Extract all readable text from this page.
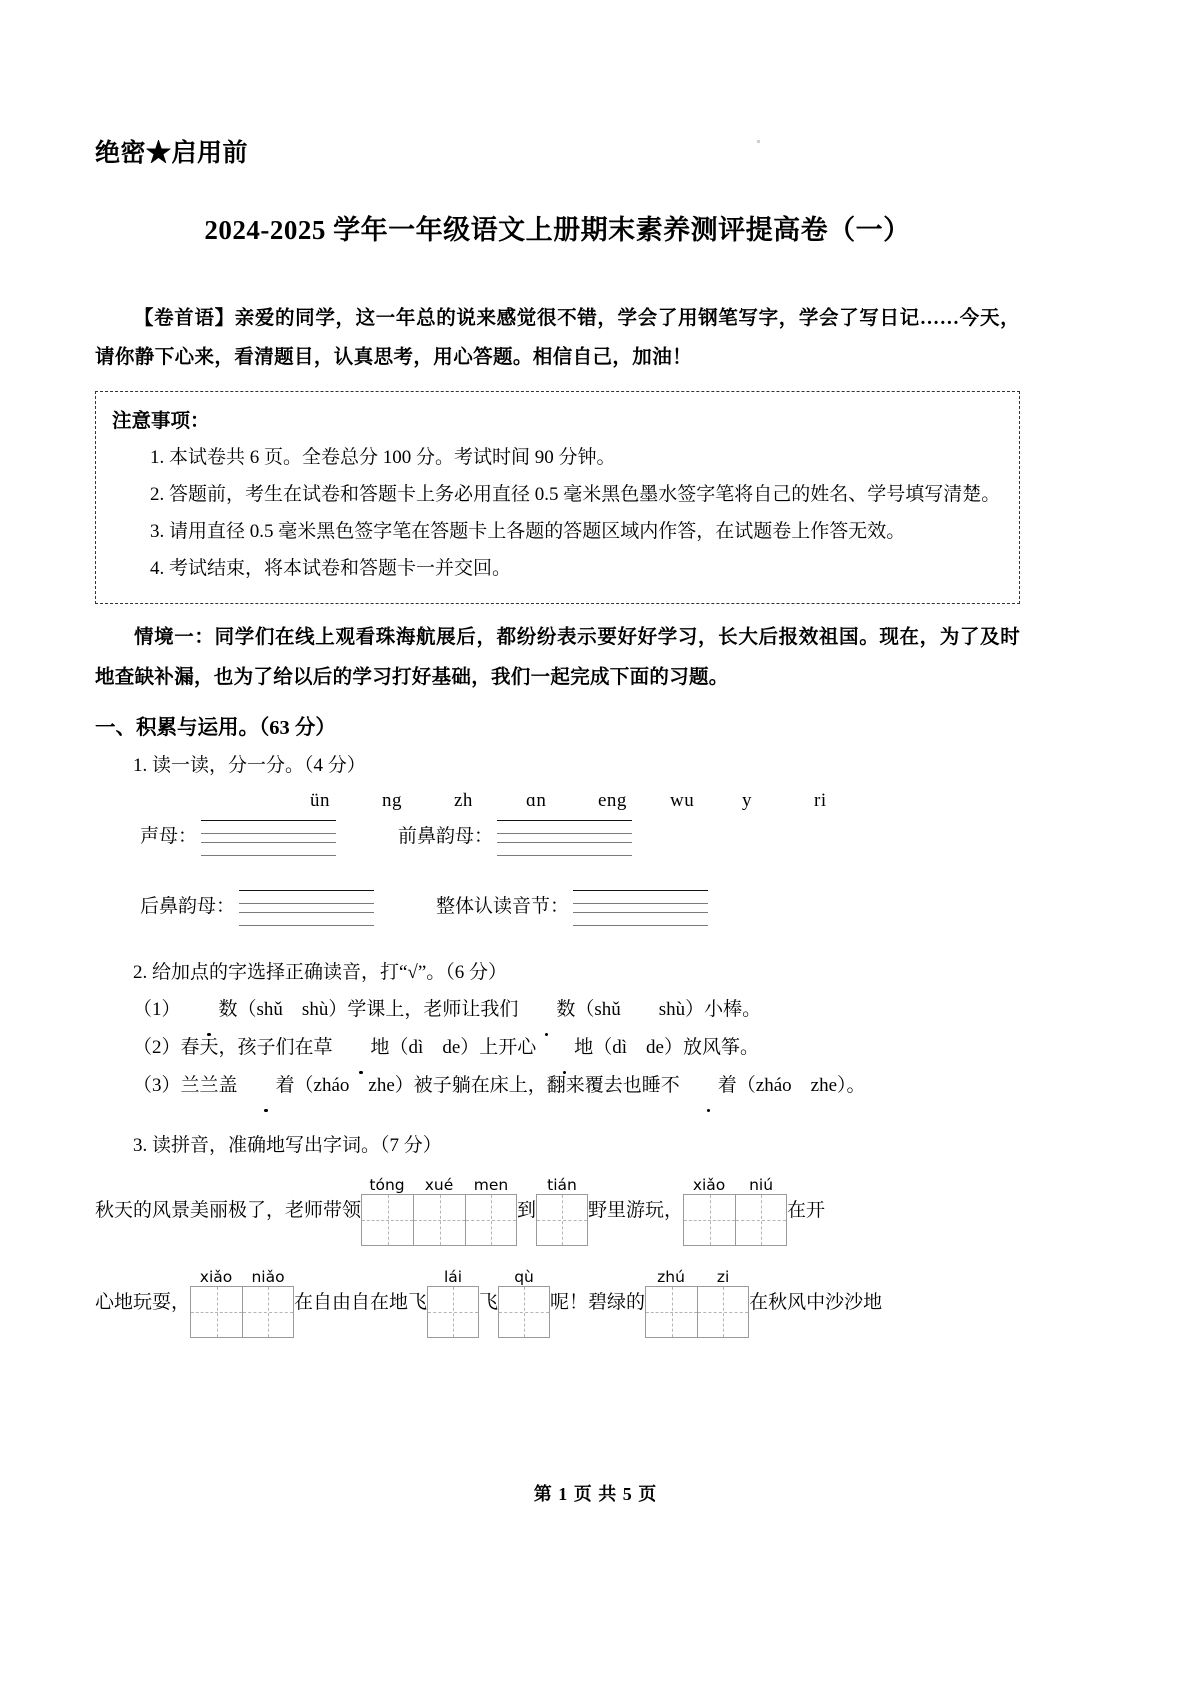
绝密★启用前
2024-2025 学年一年级语文上册期末素养测评提高卷（一）
【卷首语】亲爱的同学，这一年总的说来感觉很不错，学会了用钢笔写字，学会了写日记……今天，请你静下心来，看清题目，认真思考，用心答题。相信自己，加油！
注意事项：
1. 本试卷共 6 页。全卷总分 100 分。考试时间 90 分钟。
2. 答题前，考生在试卷和答题卡上务必用直径 0.5 毫米黑色墨水签字笔将自己的姓名、学号填写清楚。
3. 请用直径 0.5 毫米黑色签字笔在答题卡上各题的答题区域内作答，在试题卷上作答无效。
4. 考试结束，将本试卷和答题卡一并交回。
情境一：同学们在线上观看珠海航展后，都纷纷表示要好好学习，长大后报效祖国。现在，为了及时地查缺补漏，也为了给以后的学习打好基础，我们一起完成下面的习题。
一、积累与运用。（63 分）
1. 读一读，分一分。（4 分）
ün	ng	zh	ɑn	eng wu	y	ri
声母：	前鼻韵母：
后鼻韵母：	整体认读音节：
2. 给加点的字选择正确读音，打“√”。（6 分）
（1） 数（shǔ　shù）学课上，老师让我们 数（shǔ　　shù）小棒。
（2）春天，孩子们在草 地（dì　de）上开心 地（dì　de）放风筝。
（3）兰兰盖 着（zháo　zhe）被子躺在床上，翻来覆去也睡不 着（zháo　zhe）。
3. 读拼音，准确地写出字词。（7 分）
秋天的风景美丽极了，老师带领
tóng	xué	men
到
tián
野里游玩，
xiǎo	niú
在开
心地玩耍，
xiǎo	niǎo
在自由自在地飞
lái
飞
qù
呢！碧绿的
zhú	zi
在秋风中沙沙地
第 1 页 共 5 页
